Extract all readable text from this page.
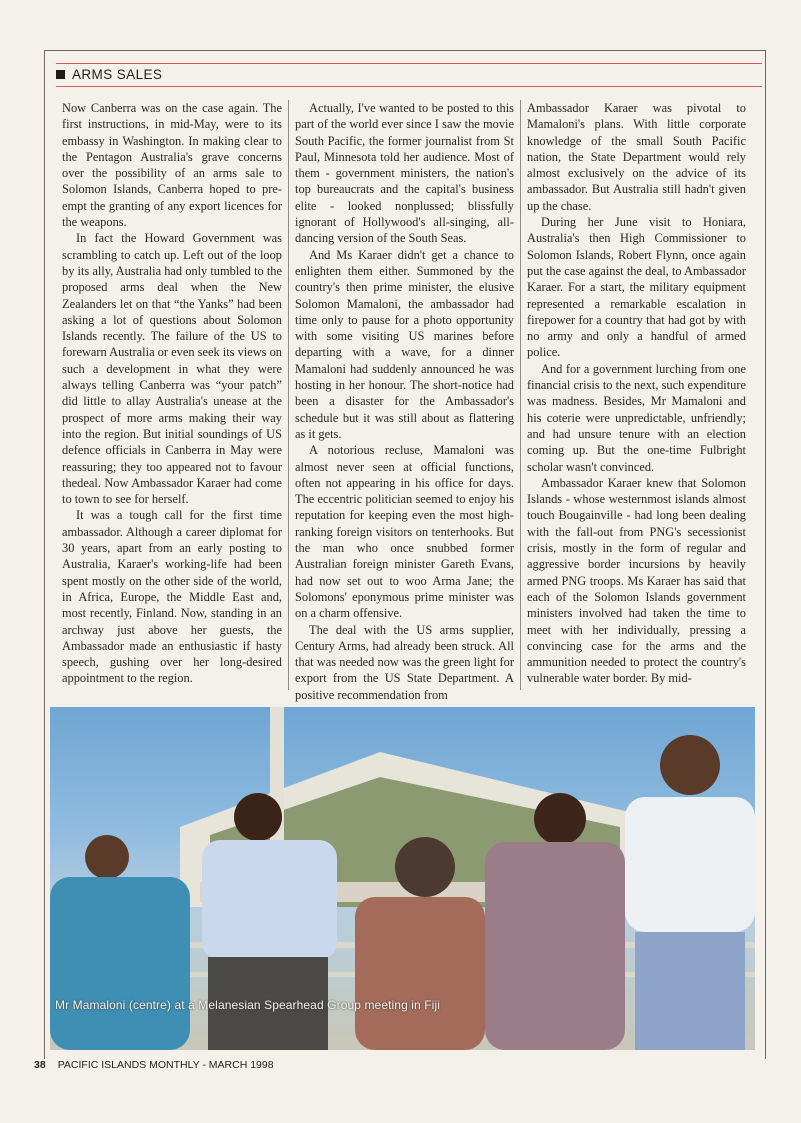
ARMS SALES

Now Canberra was on the case again. The first instructions, in mid-May, were to its embassy in Washington. In making clear to the Pentagon Australia's grave concerns over the possibility of an arms sale to Solomon Islands, Canberra hoped to pre-empt the granting of any export licences for the weapons.

In fact the Howard Government was scrambling to catch up. Left out of the loop by its ally, Australia had only tumbled to the proposed arms deal when the New Zealanders let on that “the Yanks” had been asking a lot of questions about Solomon Islands recently. The failure of the US to forewarn Australia or even seek its views on such a development in what they were always telling Canberra was “your patch” did little to allay Australia's unease at the prospect of more arms making their way into the region. But initial soundings of US defence officials in Canberra in May were reassuring; they too appeared not to favour thedeal. Now Ambassador Karaer had come to town to see for herself.

It was a tough call for the first time ambassador. Although a career diplomat for 30 years, apart from an early posting to Australia, Karaer's working-life had been spent mostly on the other side of the world, in Africa, Europe, the Middle East and, most recently, Finland. Now, standing in an archway just above her guests, the Ambassador made an enthusiastic if hasty speech, gushing over her long-desired appointment to the region.

Actually, I've wanted to be posted to this part of the world ever since I saw the movie South Pacific, the former journalist from St Paul, Minnesota told her audience. Most of them - government ministers, the nation's top bureaucrats and the capital's business elite - looked nonplussed; blissfully ignorant of Hollywood's all-singing, all-dancing version of the South Seas.

And Ms Karaer didn't get a chance to enlighten them either. Summoned by the country's then prime minister, the elusive Solomon Mamaloni, the ambassador had time only to pause for a photo opportunity with some visiting US marines before departing with a wave, for a dinner Mamaloni had suddenly announced he was hosting in her honour. The short-notice had been a disaster for the Ambassador's schedule but it was still about as flattering as it gets.

A notorious recluse, Mamaloni was almost never seen at official functions, often not appearing in his office for days. The eccentric politician seemed to enjoy his reputation for keeping even the most high-ranking foreign visitors on tenterhooks. But the man who once snubbed former Australian foreign minister Gareth Evans, had now set out to woo Arma Jane; the Solomons' eponymous prime minister was on a charm offensive.

The deal with the US arms supplier, Century Arms, had already been struck. All that was needed now was the green light for export from the US State Department. A positive recommendation from

Ambassador Karaer was pivotal to Mamaloni's plans. With little corporate knowledge of the small South Pacific nation, the State Department would rely almost exclusively on the advice of its ambassador. But Australia still hadn't given up the chase.

During her June visit to Honiara, Australia's then High Commissioner to Solomon Islands, Robert Flynn, once again put the case against the deal, to Ambassador Karaer. For a start, the military equipment represented a remarkable escalation in firepower for a country that had got by with no army and only a handful of armed police.

And for a government lurching from one financial crisis to the next, such expenditure was madness. Besides, Mr Mamaloni and his coterie were unpredictable, unfriendly; and had unsure tenure with an election coming up. But the one-time Fulbright scholar wasn't convinced.

Ambassador Karaer knew that Solomon Islands - whose westernmost islands almost touch Bougainville - had long been dealing with the fall-out from PNG's secessionist crisis, mostly in the form of regular and aggressive border incursions by heavily armed PNG troops. Ms Karaer has said that each of the Solomon Islands government ministers involved had taken the time to meet with her individually, pressing a convincing case for the arms and the ammunition needed to protect the country's vulnerable water border. By mid-

Mr Mamaloni (centre) at a Melanesian Spearhead Group meeting in Fiji
38 PACIFIC ISLANDS MONTHLY - MARCH 1998
